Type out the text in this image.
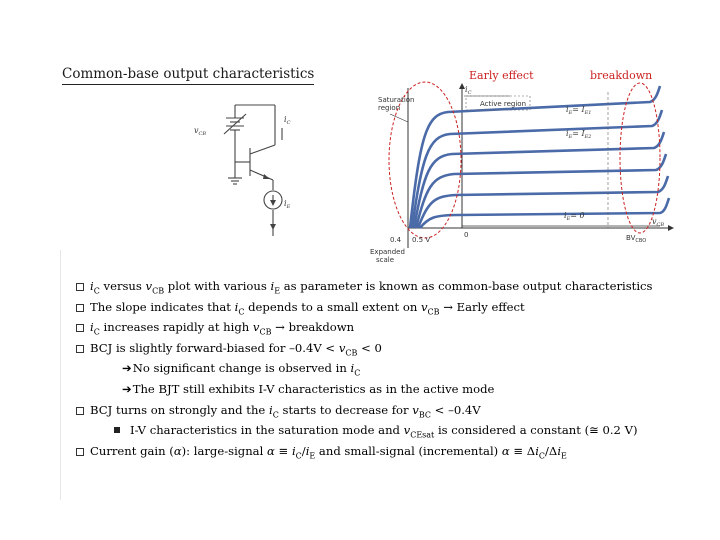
Common-base output characteristics	Early effect	breakdown
$v_{CB}$
$i_C$
$i_E$
$i_C$
Saturation
region	Active region
$i_E= I_{E1}$
$i_E= I_{E2}$
$i_E= 0$
0
0.4 0.5 V
$v_{CB}$
$BV_{CBO}$
Expanded
scale
$i_C$ versus $v_{CB}$ plot with various $i_E$ as parameter is known as common-base output characteristics
The slope indicates that $i_C$ depends to a small extent on $v_{CB}$ → Early effect
$i_C$ increases rapidly at high $v_{CB}$ → breakdown
BCJ is slightly forward-biased for $-0.4V < v_{CB} < 0$
➔No significant change is observed in $i_C$
➔The BJT still exhibits I-V characteristics as in the active mode
BCJ turns on strongly and the $i_C$ starts to decrease for $v_{BC} < -0.4V$
I-V characteristics in the saturation mode and $v_{CEsat}$ is considered a constant (≅ 0.2 V)
Current gain (α): large-signal $\alpha \equiv i_C/i_E$ and small-signal (incremental) $\alpha \equiv \Delta i_C/\Delta i_E$
